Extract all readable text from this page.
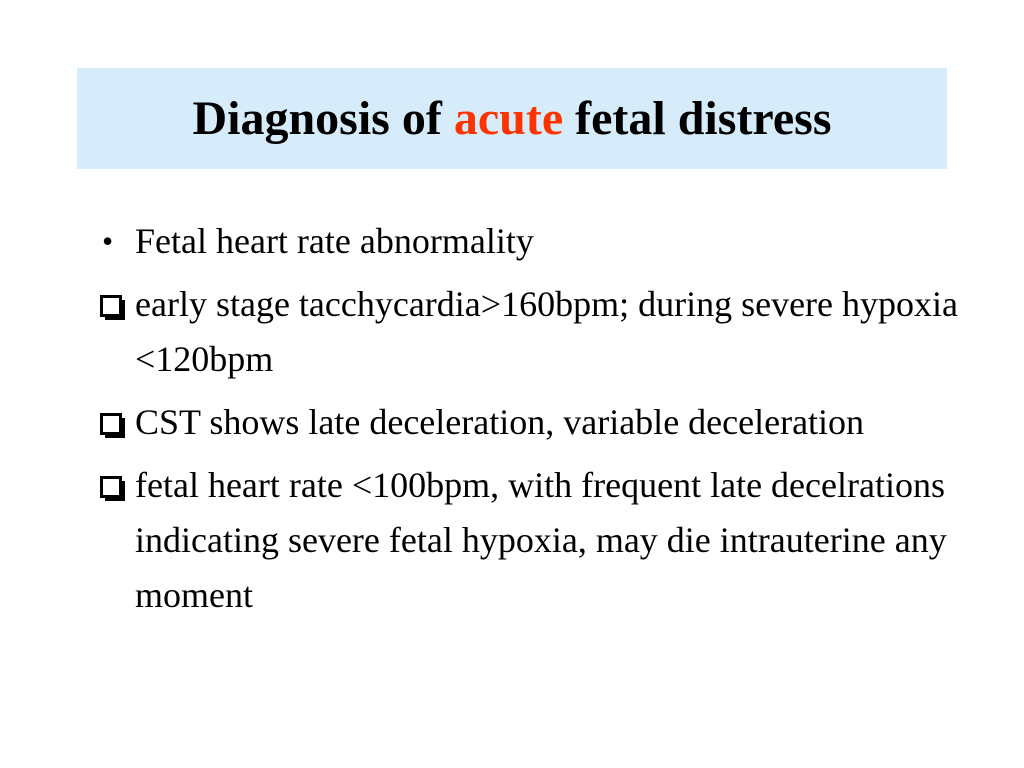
Diagnosis of acute fetal distress
• Fetal heart rate abnormality
early stage tacchycardia>160bpm; during severe hypoxia <120bpm
CST shows late deceleration, variable deceleration
fetal heart rate <100bpm, with frequent late decelrations indicating severe fetal hypoxia, may die intrauterine any moment
